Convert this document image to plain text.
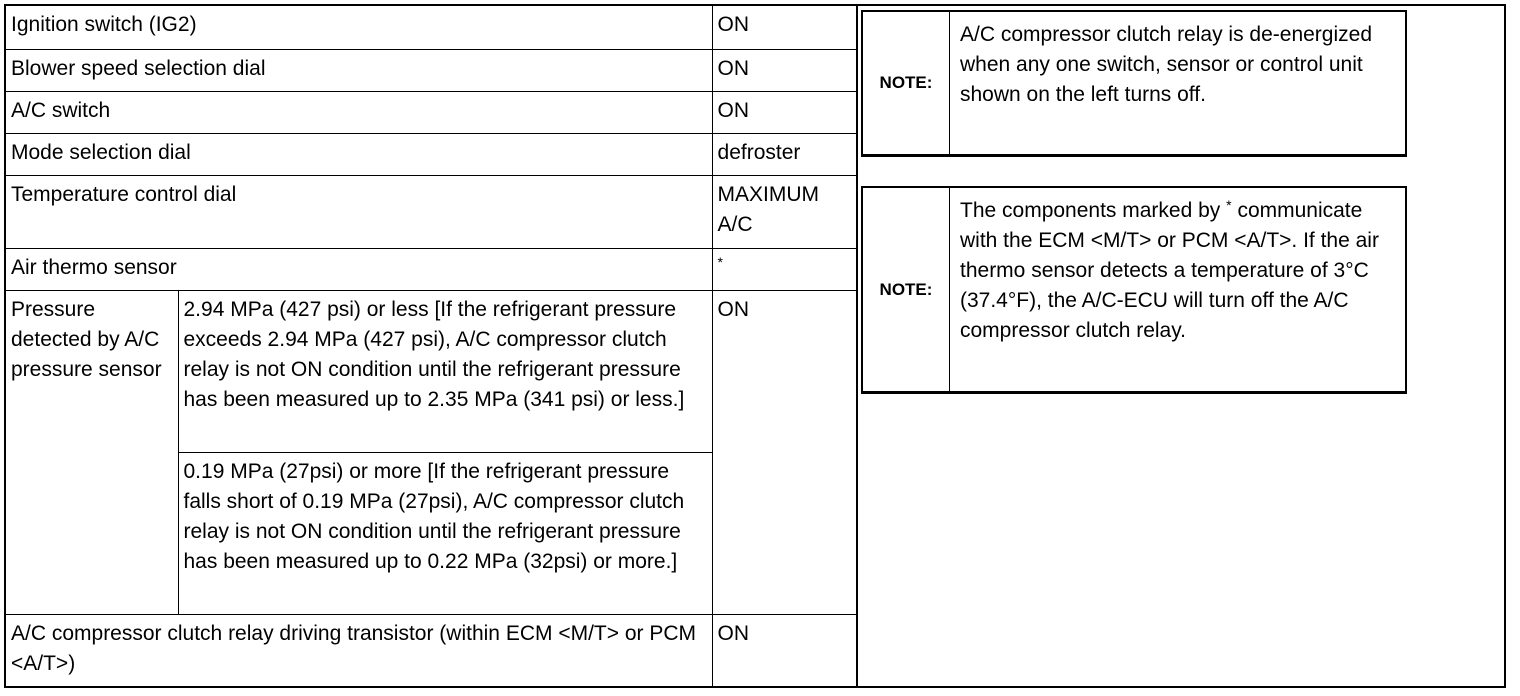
Ignition switch (IG2)		ON
Blower speed selection dial		ON
A/C switch		ON
Mode selection dial		defroster
Temperature control dial		MAXIMUM A/C
Air thermo sensor		*
Pressure detected by A/C pressure sensor	2.94 MPa (427 psi) or less [If the refrigerant pressure exceeds 2.94 MPa (427 psi), A/C compressor clutch relay is not ON condition until the refrigerant pressure has been measured up to 2.35 MPa (341 psi) or less.]	ON
	0.19 MPa (27psi) or more [If the refrigerant pressure falls short of 0.19 MPa (27psi), A/C compressor clutch relay is not ON condition until the refrigerant pressure has been measured up to 0.22 MPa (32psi) or more.]	
A/C compressor clutch relay driving transistor (within ECM <M/T> or PCM <A/T>)		ON
NOTE:
A/C compressor clutch relay is de-energized when any one switch, sensor or control unit shown on the left turns off.
NOTE:
The components marked by * communicate with the ECM <M/T> or PCM <A/T>. If the air thermo sensor detects a temperature of 3°C (37.4°F), the A/C-ECU will turn off the A/C compressor clutch relay.
